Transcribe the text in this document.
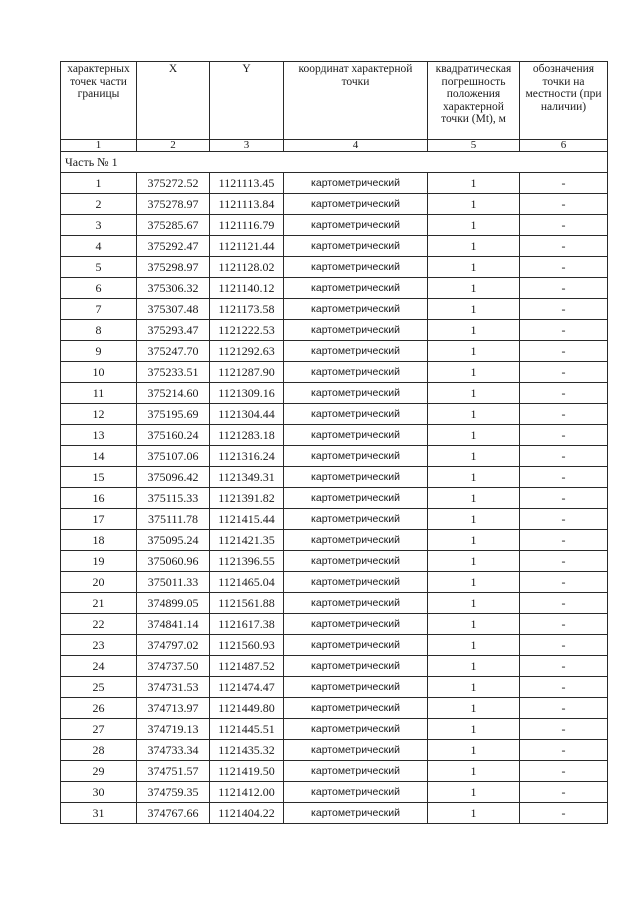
характерных точек части границы	X	Y	координат характерной точки	квадратическая погрешность положения характерной точки (Mt), м	обозначения точки на местности (при наличии)
1	2	3	4	5	6
Часть № 1					
1	375272.52	1121113.45	картометрический	1	-
2	375278.97	1121113.84	картометрический	1	-
3	375285.67	1121116.79	картометрический	1	-
4	375292.47	1121121.44	картометрический	1	-
5	375298.97	1121128.02	картометрический	1	-
6	375306.32	1121140.12	картометрический	1	-
7	375307.48	1121173.58	картометрический	1	-
8	375293.47	1121222.53	картометрический	1	-
9	375247.70	1121292.63	картометрический	1	-
10	375233.51	1121287.90	картометрический	1	-
11	375214.60	1121309.16	картометрический	1	-
12	375195.69	1121304.44	картометрический	1	-
13	375160.24	1121283.18	картометрический	1	-
14	375107.06	1121316.24	картометрический	1	-
15	375096.42	1121349.31	картометрический	1	-
16	375115.33	1121391.82	картометрический	1	-
17	375111.78	1121415.44	картометрический	1	-
18	375095.24	1121421.35	картометрический	1	-
19	375060.96	1121396.55	картометрический	1	-
20	375011.33	1121465.04	картометрический	1	-
21	374899.05	1121561.88	картометрический	1	-
22	374841.14	1121617.38	картометрический	1	-
23	374797.02	1121560.93	картометрический	1	-
24	374737.50	1121487.52	картометрический	1	-
25	374731.53	1121474.47	картометрический	1	-
26	374713.97	1121449.80	картометрический	1	-
27	374719.13	1121445.51	картометрический	1	-
28	374733.34	1121435.32	картометрический	1	-
29	374751.57	1121419.50	картометрический	1	-
30	374759.35	1121412.00	картометрический	1	-
31	374767.66	1121404.22	картометрический	1	-
